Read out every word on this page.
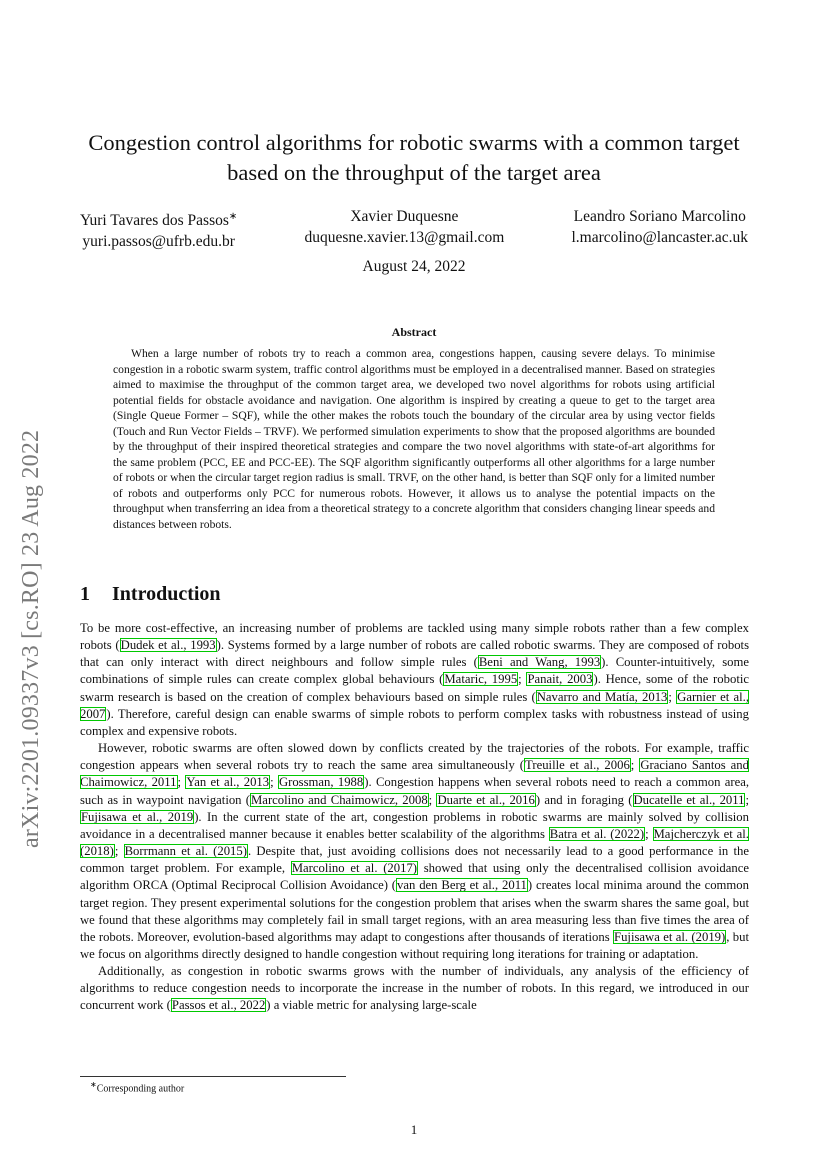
arXiv:2201.09337v3 [cs.RO] 23 Aug 2022
Congestion control algorithms for robotic swarms with a common target based on the throughput of the target area
Yuri Tavares dos Passos∗
yuri.passos@ufrb.edu.br
Xavier Duquesne
duquesne.xavier.13@gmail.com
Leandro Soriano Marcolino
l.marcolino@lancaster.ac.uk
August 24, 2022
Abstract
When a large number of robots try to reach a common area, congestions happen, causing severe delays. To minimise congestion in a robotic swarm system, traffic control algorithms must be employed in a decentralised manner. Based on strategies aimed to maximise the throughput of the common target area, we developed two novel algorithms for robots using artificial potential fields for obstacle avoidance and navigation. One algorithm is inspired by creating a queue to get to the target area (Single Queue Former – SQF), while the other makes the robots touch the boundary of the circular area by using vector fields (Touch and Run Vector Fields – TRVF). We performed simulation experiments to show that the proposed algorithms are bounded by the throughput of their inspired theoretical strategies and compare the two novel algorithms with state-of-art algorithms for the same problem (PCC, EE and PCC-EE). The SQF algorithm significantly outperforms all other algorithms for a large number of robots or when the circular target region radius is small. TRVF, on the other hand, is better than SQF only for a limited number of robots and outperforms only PCC for numerous robots. However, it allows us to analyse the potential impacts on the throughput when transferring an idea from a theoretical strategy to a concrete algorithm that considers changing linear speeds and distances between robots.
1 Introduction

To be more cost-effective, an increasing number of problems are tackled using many simple robots rather than a few complex robots (Dudek et al., 1993). Systems formed by a large number of robots are called robotic swarms. They are composed of robots that can only interact with direct neighbours and follow simple rules (Beni and Wang, 1993). Counter-intuitively, some combinations of simple rules can create complex global behaviours (Mataric, 1995; Panait, 2003). Hence, some of the robotic swarm research is based on the creation of complex behaviours based on simple rules (Navarro and Matía, 2013; Garnier et al., 2007). Therefore, careful design can enable swarms of simple robots to perform complex tasks with robustness instead of using complex and expensive robots.

However, robotic swarms are often slowed down by conflicts created by the trajectories of the robots. For example, traffic congestion appears when several robots try to reach the same area simultaneously (Treuille et al., 2006; Graciano Santos and Chaimowicz, 2011; Yan et al., 2013; Grossman, 1988). Congestion happens when several robots need to reach a common area, such as in waypoint navigation (Marcolino and Chaimowicz, 2008; Duarte et al., 2016) and in foraging (Ducatelle et al., 2011; Fujisawa et al., 2019). In the current state of the art, congestion problems in robotic swarms are mainly solved by collision avoidance in a decentralised manner because it enables better scalability of the algorithms Batra et al. (2022); Majcherczyk et al. (2018); Borrmann et al. (2015). Despite that, just avoiding collisions does not necessarily lead to a good performance in the common target problem. For example, Marcolino et al. (2017) showed that using only the decentralised collision avoidance algorithm ORCA (Optimal Reciprocal Collision Avoidance) (van den Berg et al., 2011) creates local minima around the common target region. They present experimental solutions for the congestion problem that arises when the swarm shares the same goal, but we found that these algorithms may completely fail in small target regions, with an area measuring less than five times the area of the robots. Moreover, evolution-based algorithms may adapt to congestions after thousands of iterations Fujisawa et al. (2019), but we focus on algorithms directly designed to handle congestion without requiring long iterations for training or adaptation.

Additionally, as congestion in robotic swarms grows with the number of individuals, any analysis of the efficiency of algorithms to reduce congestion needs to incorporate the increase in the number of robots. In this regard, we introduced in our concurrent work (Passos et al., 2022) a viable metric for analysing large-scale

∗Corresponding author
1
